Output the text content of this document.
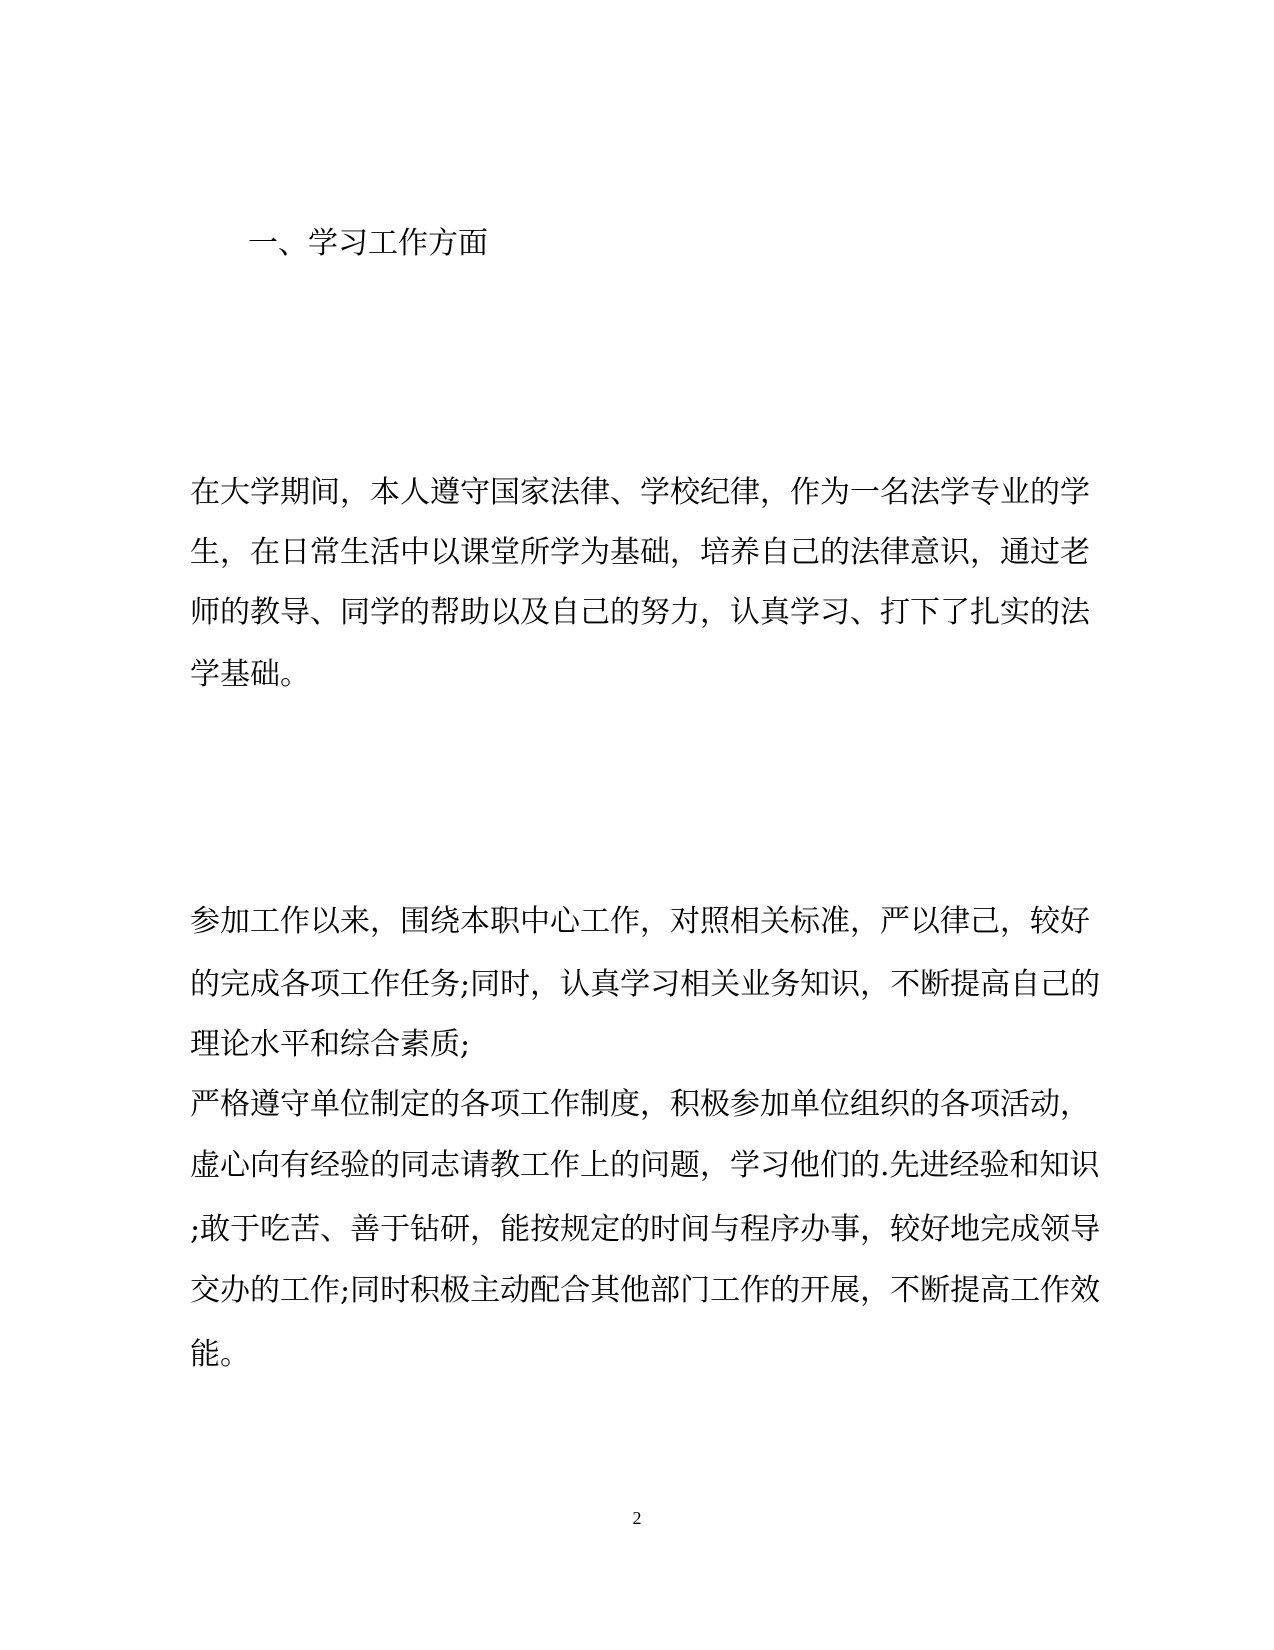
一、学习工作方面
在大学期间，本人遵守国家法律、学校纪律，作为一名法学专业的学
生，在日常生活中以课堂所学为基础，培养自己的法律意识，通过老
师的教导、同学的帮助以及自己的努力，认真学习、打下了扎实的法
学基础。
参加工作以来，围绕本职中心工作，对照相关标准，严以律己，较好
的完成各项工作任务;同时，认真学习相关业务知识，不断提高自己的
理论水平和综合素质;
严格遵守单位制定的各项工作制度，积极参加单位组织的各项活动，
虚心向有经验的同志请教工作上的问题，学习他们的.先进经验和知识
;敢于吃苦、善于钻研，能按规定的时间与程序办事，较好地完成领导
交办的工作;同时积极主动配合其他部门工作的开展，不断提高工作效
能。
2
